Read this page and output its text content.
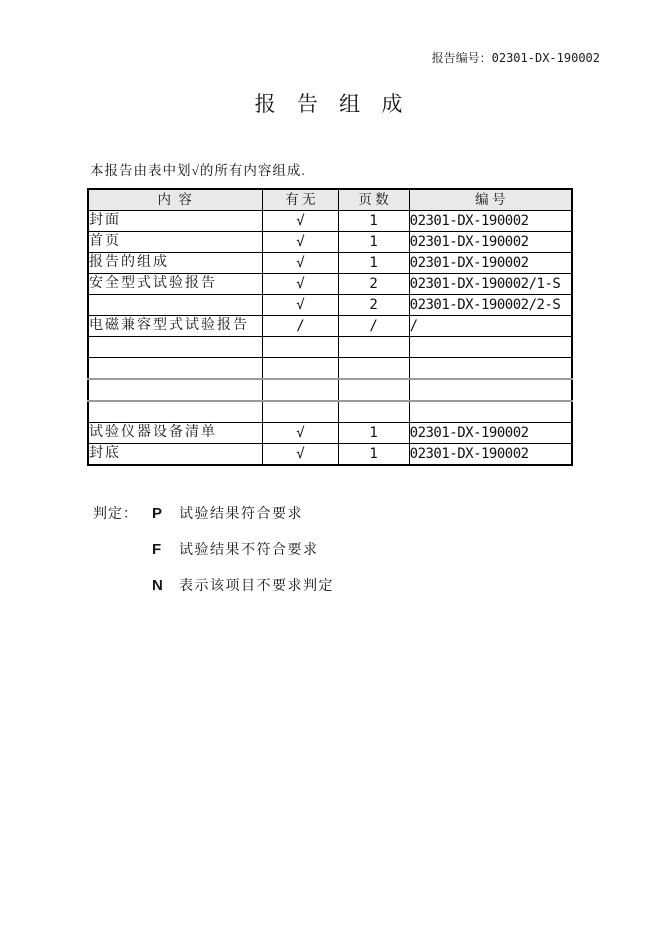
报告编号：02301-DX-190002
报 告 组 成

本报告由表中划√的所有内容组成.

内 容	有 无	页 数	编 号
封面	√	1	02301-DX-190002
首页	√	1	02301-DX-190002
报告的组成	√	1	02301-DX-190002
安全型式试验报告	√	2	02301-DX-190002/1-S
	√	2	02301-DX-190002/2-S
电磁兼容型式试验报告	/	/	/

试验仪器设备清单	√	1	02301-DX-190002
封底	√	1	02301-DX-190002
判定： P	试验结果符合要求
F	试验结果不符合要求
N	表示该项目不要求判定
